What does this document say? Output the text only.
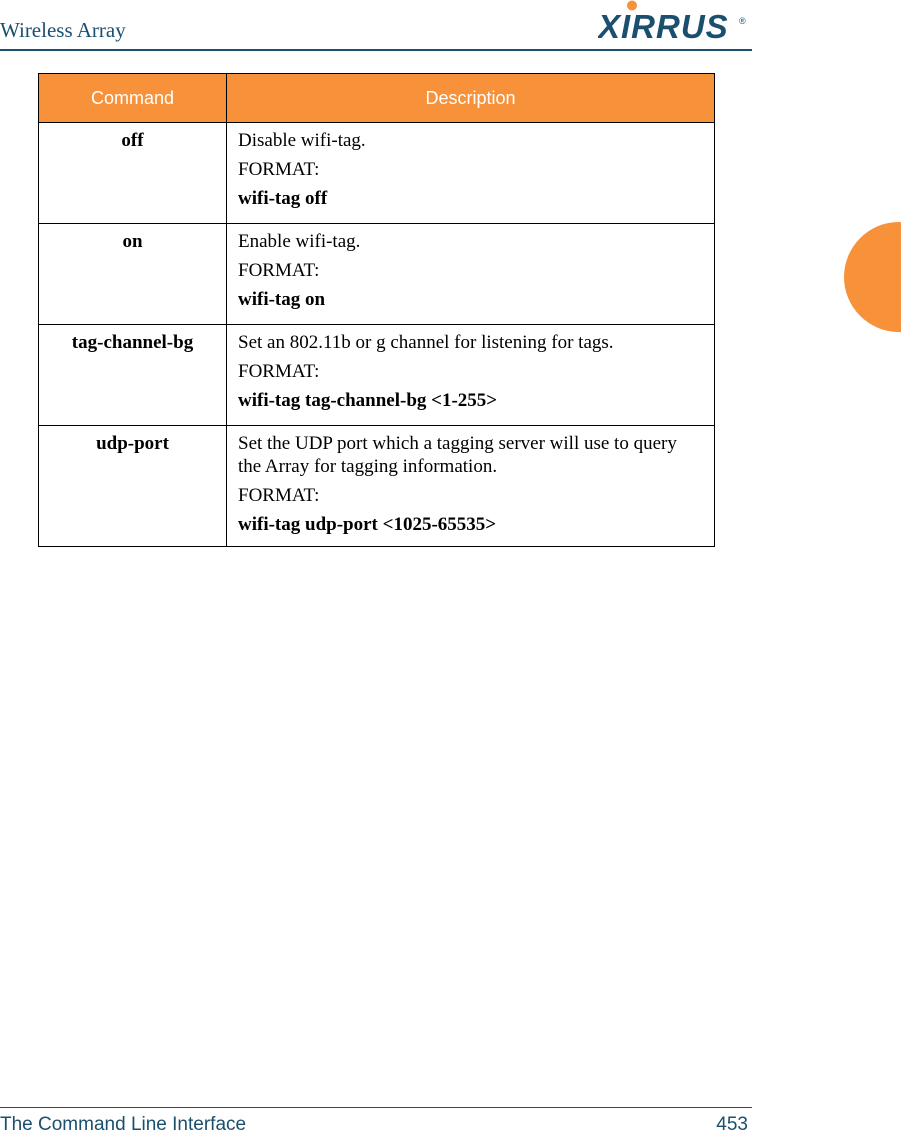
Wireless Array	XIRRUS ®
Command	Description
off	Disable wifi-tag.

FORMAT:

wifi-tag off

on	Enable wifi-tag.

FORMAT:

wifi-tag on

tag-channel-bg	Set an 802.11b or g channel for listening for tags.

FORMAT:

wifi-tag tag-channel-bg <1-255>

udp-port	Set the UDP port which a tagging server will use to query the Array for tagging information.

FORMAT:

wifi-tag udp-port <1025-65535>

The Command Line Interface	453
